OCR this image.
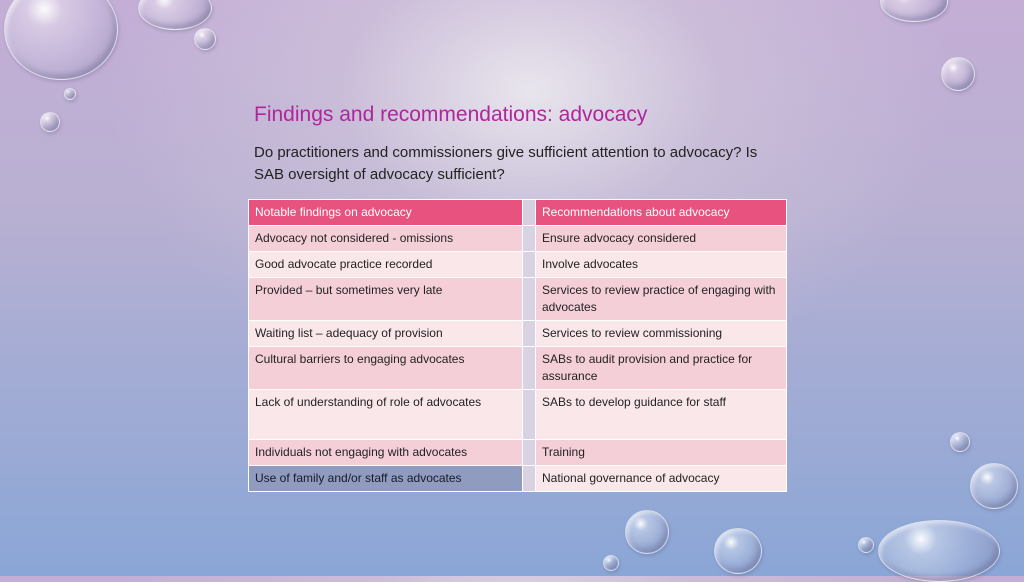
Findings and recommendations: advocacy

Do practitioners and commissioners give sufficient attention to advocacy? Is SAB oversight of advocacy sufficient?

Notable findings on advocacy		Recommendations about advocacy
Advocacy not considered - omissions		Ensure advocacy considered
Good advocate practice recorded		Involve advocates
Provided – but sometimes very late		Services to review practice of engaging with advocates
Waiting list – adequacy of provision		Services to review commissioning
Cultural barriers to engaging advocates		SABs to audit provision and practice for assurance
Lack of understanding of role of advocates		SABs to develop guidance for staff
Individuals not engaging with advocates		Training
Use of family and/or staff as advocates		National governance of advocacy
